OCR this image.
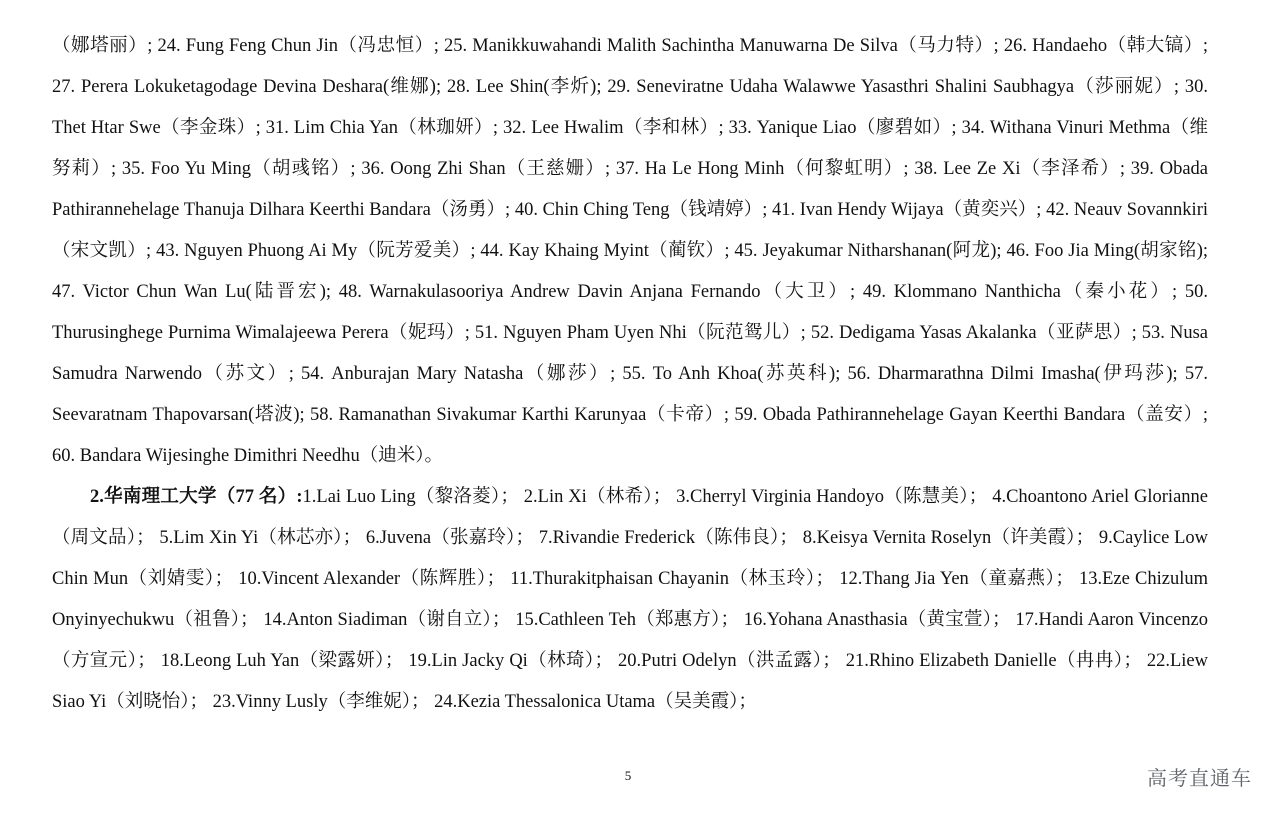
（娜塔丽）; 24. Fung Feng Chun Jin（冯忠恒）; 25. Manikkuwahandi Malith Sachintha Manuwarna De Silva（马力特）; 26. Handaeho（韩大镐）; 27. Perera Lokuketagodage Devina Deshara(维娜); 28. Lee Shin(李炘); 29. Seneviratne Udaha Walawwe Yasasthri Shalini Saubhagya（莎丽妮）; 30. Thet Htar Swe（李金珠）; 31. Lim Chia Yan（林珈妍）; 32. Lee Hwalim（李和林）; 33. Yanique Liao（廖碧如）; 34. Withana Vinuri Methma（维努莉）; 35. Foo Yu Ming（胡彧铭）; 36. Oong Zhi Shan（王慈姗）; 37. Ha Le Hong Minh（何黎虹明）; 38. Lee Ze Xi（李泽希）; 39. Obada Pathirannehelage Thanuja Dilhara Keerthi Bandara（汤勇）; 40. Chin Ching Teng（钱靖婷）; 41. Ivan Hendy Wijaya（黄奕兴）; 42. Neauv Sovannkiri（宋文凯）; 43. Nguyen Phuong Ai My（阮芳爱美）; 44. Kay Khaing Myint（蔺钦）; 45. Jeyakumar Nitharshanan(阿龙); 46. Foo Jia Ming(胡家铭); 47. Victor Chun Wan Lu(陆晋宏); 48. Warnakulasooriya Andrew Davin Anjana Fernando（大卫）; 49. Klommano Nanthicha（秦小花）; 50. Thurusinghege Purnima Wimalajeewa Perera（妮玛）; 51. Nguyen Pham Uyen Nhi（阮范鸳儿）; 52. Dedigama Yasas Akalanka（亚萨思）; 53. Nusa Samudra Narwendo（苏文）; 54. Anburajan Mary Natasha（娜莎）; 55. To Anh Khoa(苏英科); 56. Dharmarathna Dilmi Imasha(伊玛莎); 57. Seevaratnam Thapovarsan(塔波); 58. Ramanathan Sivakumar Karthi Karunyaa（卡帝）; 59. Obada Pathirannehelage Gayan Keerthi Bandara（盖安）; 60. Bandara Wijesinghe Dimithri Needhu（迪米）。

2.华南理工大学（77 名）:1.Lai Luo Ling（黎洛菱）； 2.Lin Xi（林希）； 3.Cherryl Virginia Handoyo（陈慧美）； 4.Choantono Ariel Glorianne（周文品）； 5.Lim Xin Yi（林芯亦）； 6.Juvena（张嘉玲）； 7.Rivandie Frederick（陈伟良）； 8.Keisya Vernita Roselyn（许美霞）； 9.Caylice Low Chin Mun（刘婧雯）； 10.Vincent Alexander（陈辉胜）； 11.Thurakitphaisan Chayanin（林玉玲）； 12.Thang Jia Yen（童嘉燕）； 13.Eze Chizulum Onyinyechukwu（祖鲁）； 14.Anton Siadiman（谢自立）； 15.Cathleen Teh（郑惠方）； 16.Yohana Anasthasia（黄宝萱）； 17.Handi Aaron Vincenzo（方宣元）； 18.Leong Luh Yan（梁露妍）； 19.Lin Jacky Qi（林琦）； 20.Putri Odelyn（洪孟露）； 21.Rhino Elizabeth Danielle（冉冉）； 22.Liew Siao Yi（刘晓怡）； 23.Vinny Lusly（李维妮）； 24.Kezia Thessalonica Utama（吴美霞）；

5	高考直通车
